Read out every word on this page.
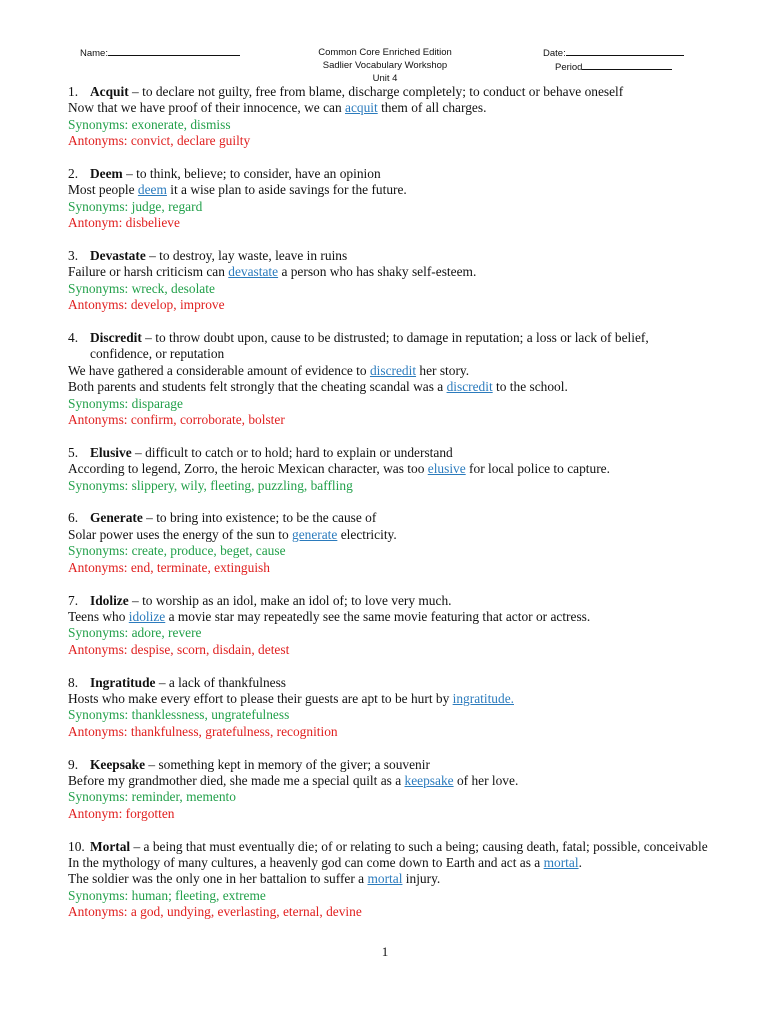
Name:	Common Core Enriched Edition
Sadlier Vocabulary Workshop
Unit 4
Date:
Period
1. Acquit – to declare not guilty, free from blame, discharge completely; to conduct or behave oneself
Now that we have proof of their innocence, we can acquit them of all charges.
Synonyms: exonerate, dismiss
Antonyms: convict, declare guilty
2. Deem – to think, believe; to consider, have an opinion
Most people deem it a wise plan to aside savings for the future.
Synonyms: judge, regard
Antonym: disbelieve
3. Devastate – to destroy, lay waste, leave in ruins
Failure or harsh criticism can devastate a person who has shaky self-esteem.
Synonyms: wreck, desolate
Antonyms: develop, improve
4. Discredit – to throw doubt upon, cause to be distrusted; to damage in reputation; a loss or lack of belief, confidence, or reputation
We have gathered a considerable amount of evidence to discredit her story.
Both parents and students felt strongly that the cheating scandal was a discredit to the school.
Synonyms: disparage
Antonyms: confirm, corroborate, bolster
5. Elusive – difficult to catch or to hold; hard to explain or understand
According to legend, Zorro, the heroic Mexican character, was too elusive for local police to capture.
Synonyms: slippery, wily, fleeting, puzzling, baffling
6. Generate – to bring into existence; to be the cause of
Solar power uses the energy of the sun to generate electricity.
Synonyms: create, produce, beget, cause
Antonyms: end, terminate, extinguish
7. Idolize – to worship as an idol, make an idol of; to love very much.
Teens who idolize a movie star may repeatedly see the same movie featuring that actor or actress.
Synonyms: adore, revere
Antonyms: despise, scorn, disdain, detest
8. Ingratitude – a lack of thankfulness
Hosts who make every effort to please their guests are apt to be hurt by ingratitude.
Synonyms: thanklessness, ungratefulness
Antonyms: thankfulness, gratefulness, recognition
9. Keepsake – something kept in memory of the giver; a souvenir
Before my grandmother died, she made me a special quilt as a keepsake of her love.
Synonyms: reminder, memento
Antonym: forgotten
10. Mortal – a being that must eventually die; of or relating to such a being; causing death, fatal; possible, conceivable
In the mythology of many cultures, a heavenly god can come down to Earth and act as a mortal.
The soldier was the only one in her battalion to suffer a mortal injury.
Synonyms: human; fleeting, extreme
Antonyms: a god, undying, everlasting, eternal, devine
1
